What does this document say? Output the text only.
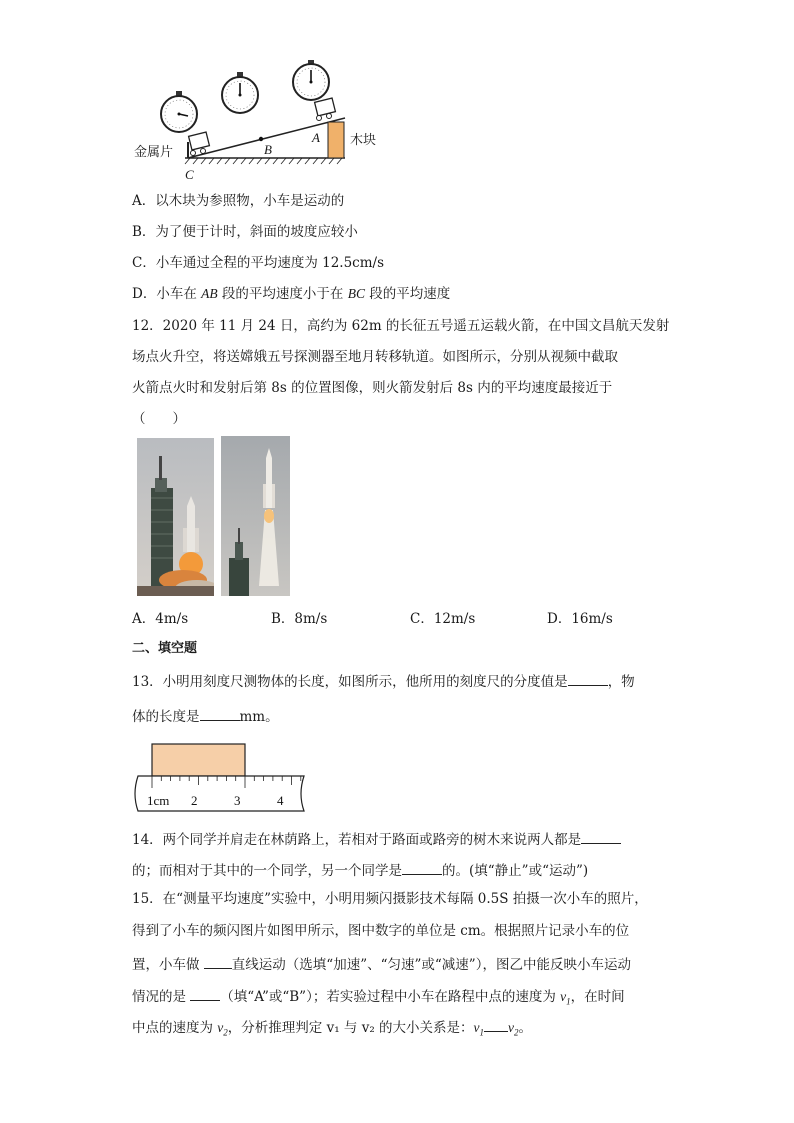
金属片
木块
A
B
C
A．以木块为参照物，小车是运动的
B．为了便于计时，斜面的坡度应较小
C．小车通过全程的平均速度为 12.5cm/s
D．小车在 AB 段的平均速度小于在 BC 段的平均速度
12．2020 年 11 月 24 日，高约为 62m 的长征五号遥五运载火箭，在中国文昌航天发射
场点火升空，将送嫦娥五号探测器至地月转移轨道。如图所示，分别从视频中截取
火箭点火时和发射后第 8s 的位置图像，则火箭发射后 8s 内的平均速度最接近于
（　　）
A．4m/s	B．8m/s	C．12m/s	D．16m/s
二、填空题
13．小明用刻度尺测物体的长度，如图所示，他所用的刻度尺的分度值是	，物
体的长度是	mm。
1cm 2	3	4
14．两个同学并肩走在林荫路上，若相对于路面或路旁的树木来说两人都是
的；而相对于其中的一个同学，另一个同学是	的。(填“静止”或“运动”)
15．在“测量平均速度”实验中，小明用频闪摄影技术每隔 0.5S 拍摄一次小车的照片，
得到了小车的频闪图片如图甲所示，图中数字的单位是 cm。根据照片记录小车的位
置，小车做 直线运动（选填“加速”、“匀速”或“减速”），图乙中能反映小车运动
情况的是 （填“A”或“B”）；若实验过程中小车在路程中点的速度为 $v_1$，在时间
中点的速度为 $v_2$，分析推理判定 v₁ 与 v₂ 的大小关系是：$v_1$ $v_2$。
